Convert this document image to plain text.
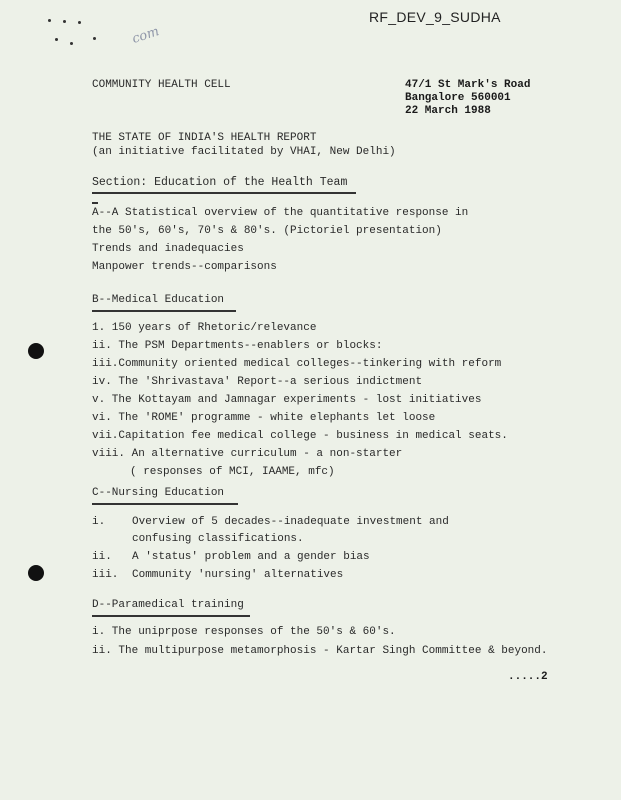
RF_DEV_9_SUDHA
com
COMMUNITY HEALTH CELL	47/1 St Mark's Road
Bangalore 560001
22 March 1988
THE STATE OF INDIA'S HEALTH REPORT
(an initiative facilitated by VHAI, New Delhi)
Section: Education of the Health Team
A--A Statistical overview of the quantitative response in
the 50's, 60's, 70's & 80's. (Pictoriel presentation)
Trends and inadequacies
Manpower trends--comparisons
B--Medical Education
1. 150 years of Rhetoric/relevance
ii. The PSM Departments--enablers or blocks:
iii.Community oriented medical colleges--tinkering with reform
iv. The 'Shrivastava' Report--a serious indictment
v. The Kottayam and Jamnagar experiments - lost initiatives
vi. The 'ROME' programme - white elephants let loose
vii.Capitation fee medical college - business in medical seats.
viii. An alternative curriculum - a non-starter
( responses of MCI, IAAME, mfc)
C--Nursing Education
i. Overview of 5 decades--inadequate investment and
confusing classifications.
ii. A 'status' problem and a gender bias
iii. Community 'nursing' alternatives
D--Paramedical training
i. The uniprpose responses of the 50's & 60's.
ii. The multipurpose metamorphosis - Kartar Singh Committee & beyond.
.....2
